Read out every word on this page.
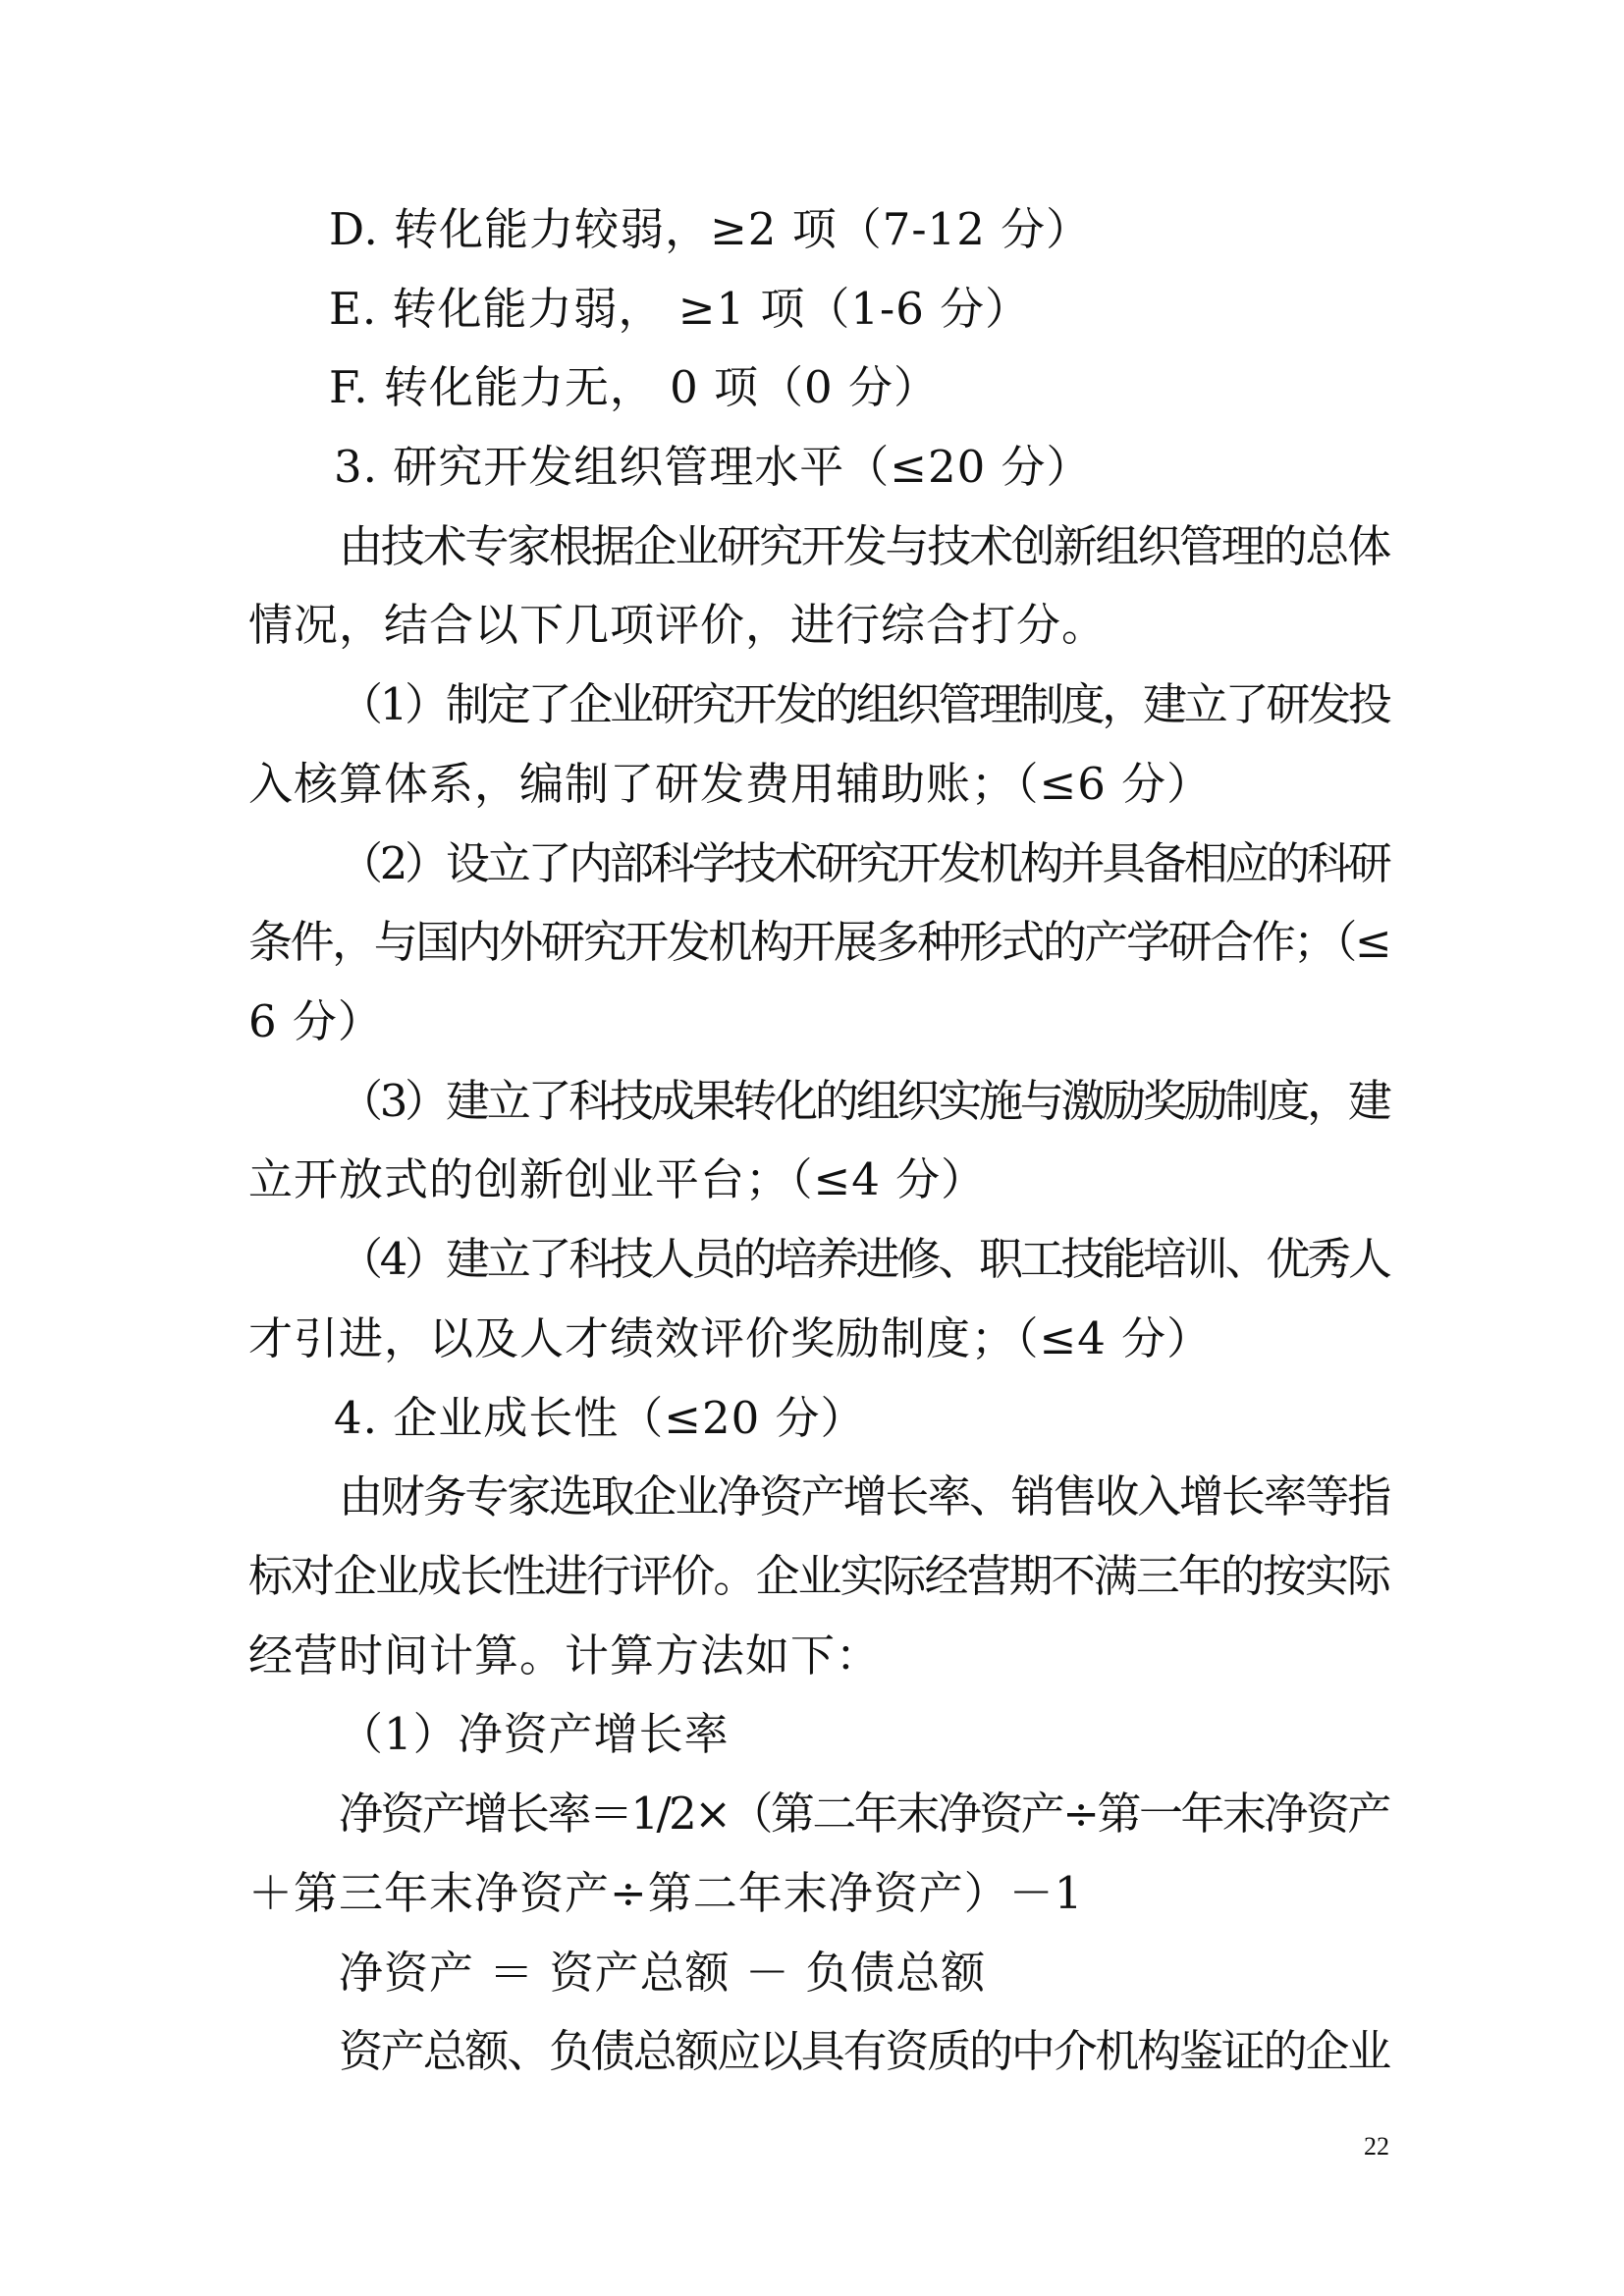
D. 转化能力较弱，≥2 项（7-12 分）
E. 转化能力弱， ≥1 项（1-6 分）
F. 转化能力无， 0 项（0 分）
3. 研究开发组织管理水平（≤20 分）
由技术专家根据企业研究开发与技术创新组织管理的总体
情况，结合以下几项评价，进行综合打分。
（1）制定了企业研究开发的组织管理制度，建立了研发投
入核算体系，编制了研发费用辅助账；（≤6 分）
（2）设立了内部科学技术研究开发机构并具备相应的科研
条件，与国内外研究开发机构开展多种形式的产学研合作；（≤
6 分）
（3）建立了科技成果转化的组织实施与激励奖励制度，建
立开放式的创新创业平台；（≤4 分）
（4）建立了科技人员的培养进修、职工技能培训、优秀人
才引进，以及人才绩效评价奖励制度；（≤4 分）
4. 企业成长性（≤20 分）
由财务专家选取企业净资产增长率、销售收入增长率等指
标对企业成长性进行评价。企业实际经营期不满三年的按实际
经营时间计算。计算方法如下：
（1）净资产增长率
净资产增长率＝1/2×（第二年末净资产÷第一年末净资产
＋第三年末净资产÷第二年末净资产）－1
净资产 ＝ 资产总额 － 负债总额
资产总额、负债总额应以具有资质的中介机构鉴证的企业
22
